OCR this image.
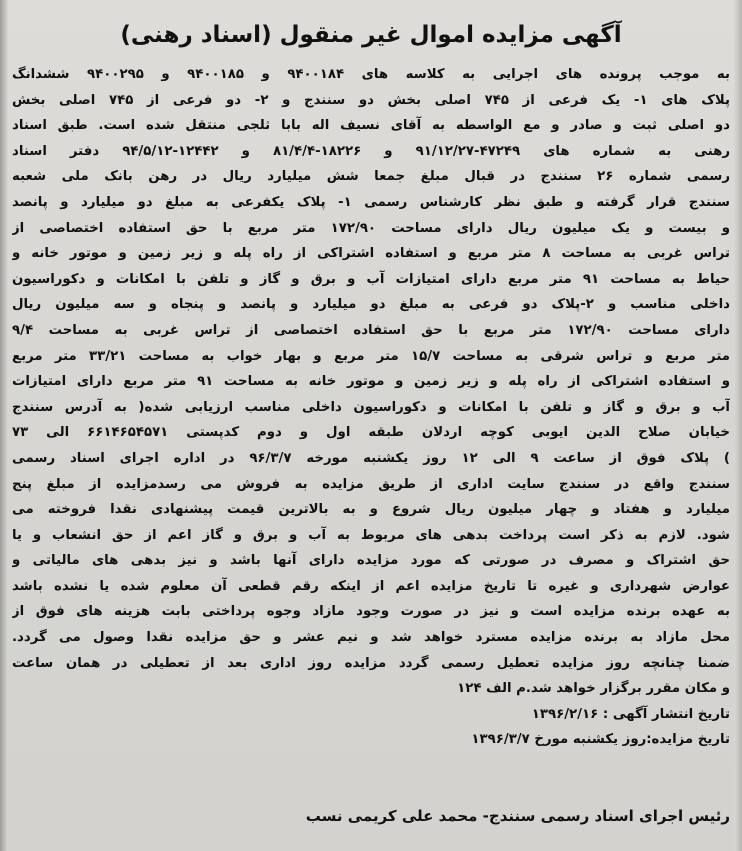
آگهی مزایده اموال غیر منقول (اسناد رهنی)
به موجب پرونده های اجرایی به کلاسه های ۹۴۰۰۱۸۴ و ۹۴۰۰۱۸۵ و ۹۴۰۰۲۹۵ ششدانگ
پلاک های ۱- یک فرعی از ۷۴۵ اصلی بخش دو سنندج و ۲- دو فرعی از ۷۴۵ اصلی بخش
دو اصلی ثبت و صادر و مع الواسطه به آقای نسیف اله بابا ثلجی منتقل شده است. طبق اسناد
رهنی به شماره های ۴۷۲۴۹-۹۱/۱۲/۲۷ و ۱۸۲۲۶-۸۱/۴/۴ و ۱۲۴۴۲-۹۴/۵/۱۲ دفتر اسناد
رسمی شماره ۲۶ سنندج در قبال مبلغ جمعا شش میلیارد ریال در رهن بانک ملی شعبه
سنندج قرار گرفته و طبق نظر کارشناس رسمی ۱- پلاک یکفرعی به مبلغ دو میلیارد و پانصد
و بیست و یک میلیون ریال دارای مساحت ۱۷۲/۹۰ متر مربع با حق استفاده اختصاصی از
تراس غربی به مساحت ۸ متر مربع و استفاده اشتراکی از راه پله و زیر زمین و موتور خانه و
حیاط به مساحت ۹۱ متر مربع دارای امتیازات آب و برق و گاز و تلفن با امکانات و دکوراسیون
داخلی مناسب و ۲-پلاک دو فرعی به مبلغ دو میلیارد و پانصد و پنجاه و سه میلیون ریال
دارای مساحت ۱۷۲/۹۰ متر مربع با حق استفاده اختصاصی از تراس غربی به مساحت ۹/۴
متر مربع و تراس شرقی به مساحت ۱۵/۷ متر مربع و بهار خواب به مساحت ۳۳/۲۱ متر مربع
و استفاده اشتراکی از راه پله و زیر زمین و موتور خانه به مساحت ۹۱ متر مربع دارای امتیازات
آب و برق و گاز و تلفن با امکانات و دکوراسیون داخلی مناسب ارزیابی شده( به آدرس سنندج
خیابان صلاح الدین ایوبی کوچه اردلان طبقه اول و دوم کدپستی ۶۶۱۴۶۵۴۵۷۱ الی ۷۳
) پلاک فوق از ساعت ۹ الی ۱۲ روز یکشنبه مورخه ۹۶/۳/۷ در اداره اجرای اسناد رسمی
سنندج واقع در سنندج سایت اداری از طریق مزایده به فروش می رسدمزایده از مبلغ پنج
میلیارد و هفتاد و چهار میلیون ریال شروع و به بالاترین قیمت پیشنهادی نقدا فروخته می
شود. لازم به ذکر است پرداخت بدهی های مربوط به آب و برق و گاز اعم از حق انشعاب و یا
حق اشتراک و مصرف در صورتی که مورد مزایده دارای آنها باشد و نیز بدهی های مالیاتی و
عوارض شهرداری و غیره تا تاریخ مزایده اعم از اینکه رقم قطعی آن معلوم شده یا نشده باشد
به عهده برنده مزایده است و نیز در صورت وجود مازاد وجوه پرداختی بابت هزینه های فوق از
محل مازاد به برنده مزایده مسترد خواهد شد و نیم عشر و حق مزایده نقدا وصول می گردد.
ضمنا چنانچه روز مزایده تعطیل رسمی گردد مزایده روز اداری بعد از تعطیلی در همان ساعت
و مکان مقرر برگزار خواهد شد.م الف ۱۲۴
تاریخ انتشار آگهی : ۱۳۹۶/۲/۱۶
تاریخ مزایده:روز یکشنبه مورخ ۱۳۹۶/۳/۷
رئیس اجرای اسناد رسمی سنندج- محمد علی کریمی نسب
